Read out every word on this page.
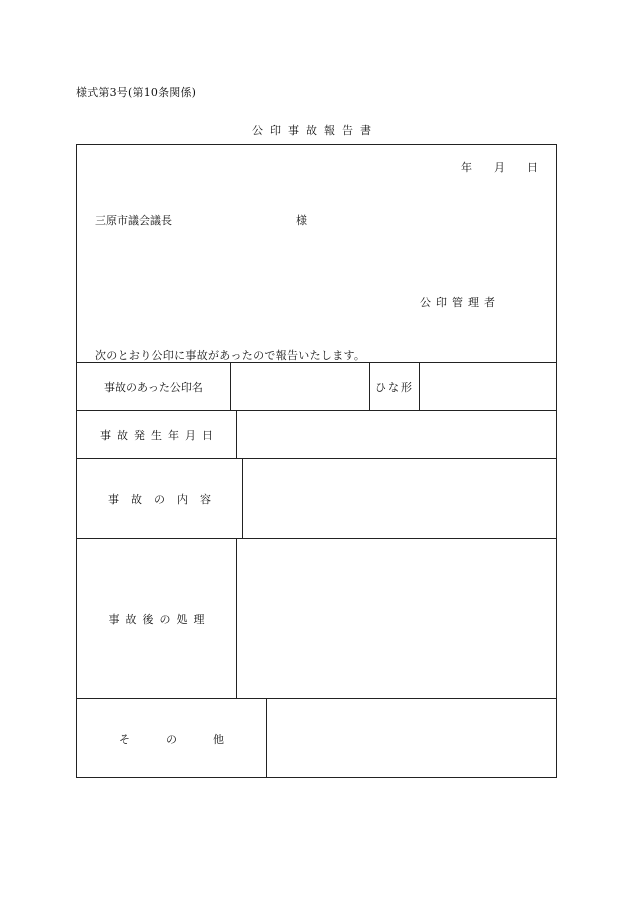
様式第3号(第10条関係)
公印事故報告書
年　　月　　日
三原市議会議長	様
公印管理者
次のとおり公印に事故があったので報告いたします。
事故のあった公印名	ひな形
事故発生年月日
事故の内容
事故後の処理
その他
